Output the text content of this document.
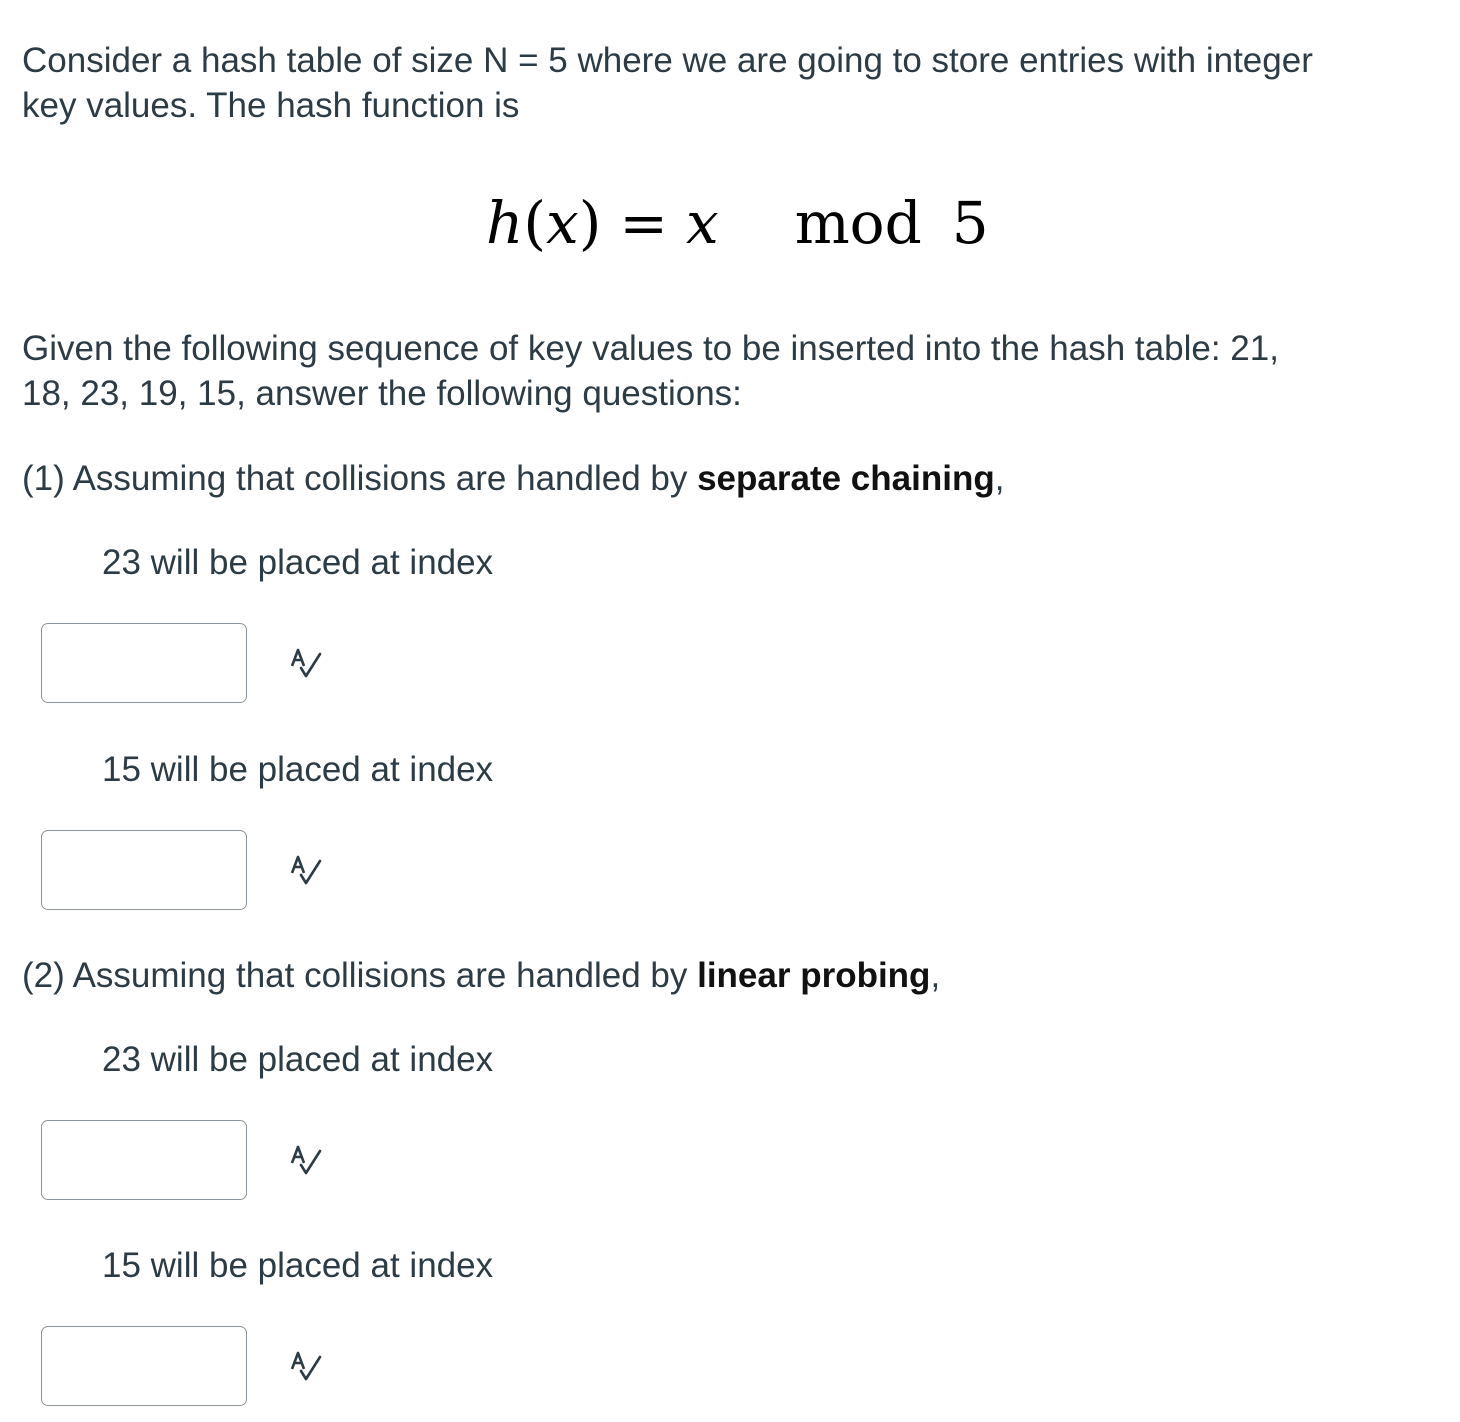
Consider a hash table of size N = 5 where we are going to store entries with integer
key values. The hash function is

h(x) = x mod 5

Given the following sequence of key values to be inserted into the hash table: 21,
18, 23, 19, 15, answer the following questions:

(1) Assuming that collisions are handled by separate chaining,

23 will be placed at index
15 will be placed at index

(2) Assuming that collisions are handled by linear probing,

23 will be placed at index
15 will be placed at index
